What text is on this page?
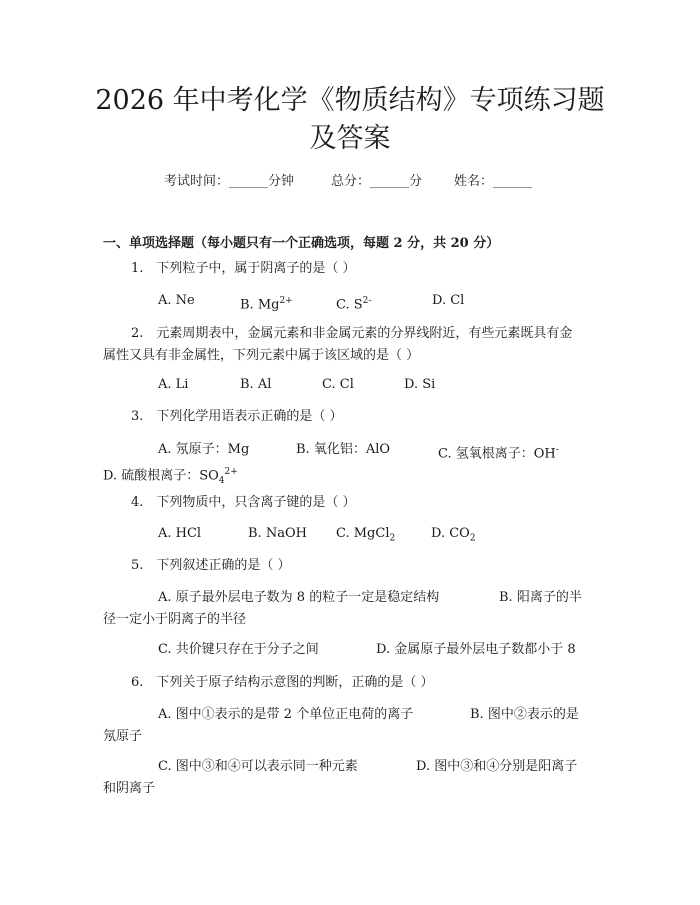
2026 年中考化学《物质结构》专项练习题及答案
考试时间：______分钟	总分：______分 姓名：______
一、单项选择题（每小题只有一个正确选项，每题 2 分，共 20 分）
1.　下列粒子中，属于阴离子的是（ ）
A. Ne	B. $Mg^{2+}$	C. $S^{2-}$	D. Cl
2.　元素周期表中，金属元素和非金属元素的分界线附近，有些元素既具有金
属性又具有非金属性，下列元素中属于该区域的是（ ）
A. Li	B. Al	C. Cl	D. Si
3.　下列化学用语表示正确的是（ ）
A. 氖原子：Mg	B. 氧化铝：AlO	C. 氢氧根离子：OH-
D. 硫酸根离子：$SO_4^{2+}$
4.　下列物质中，只含离子键的是（ ）
A. HCl	B. NaOH C. MgCl$_2$	D. $CO_2$
5.　下列叙述正确的是（ ）
A. 原子最外层电子数为 8 的粒子一定是稳定结构	B. 阳离子的半
径一定小于阴离子的半径
C. 共价键只存在于分子之间	D. 金属原子最外层电子数都小于 8
6.　下列关于原子结构示意图的判断，正确的是（ ）
A. 图中①表示的是带 2 个单位正电荷的离子	B. 图中②表示的是
氖原子
C. 图中③和④可以表示同一种元素	D. 图中③和④分别是阳离子
和阴离子
